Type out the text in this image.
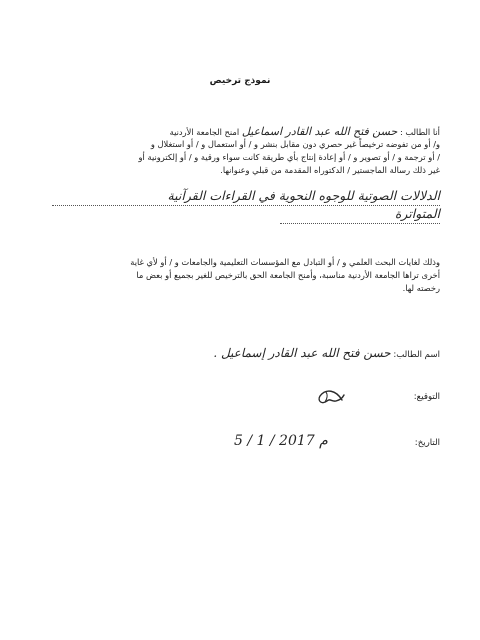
نموذج ترخيص
أنا الطالب : حسن فتح الله عبد القادر اسماعيل امنح الجامعة الأردنية
و/ أو من تفوضه ترخيصاً غير حصري دون مقابل بنشر و / أو استعمال و / أو استغلال و
/ أو ترجمة و / أو تصوير و / أو إعادة إنتاج بأي طريقة كانت سواء ورقية و / أو إلكترونية أو
غير ذلك رسالة الماجستير / الدكتوراه المقدمة من قبلي وعنوانها.
الدلالات الصوتية للوجوه النحوية في القراءات القرآنية
المتواترة
وذلك لغايات البحث العلمي و / أو التبادل مع المؤسسات التعليمية والجامعات و / أو لأي غاية
أخرى تراها الجامعة الأردنية مناسبة، وأمنح الجامعة الحق بالترخيص للغير بجميع أو بعض ما
رخصته لها.
اسم الطالب: حسن فتح الله عبد القادر إسماعيل .
التوقيع:
التاريخ:
5 / 1 / 2017 م
